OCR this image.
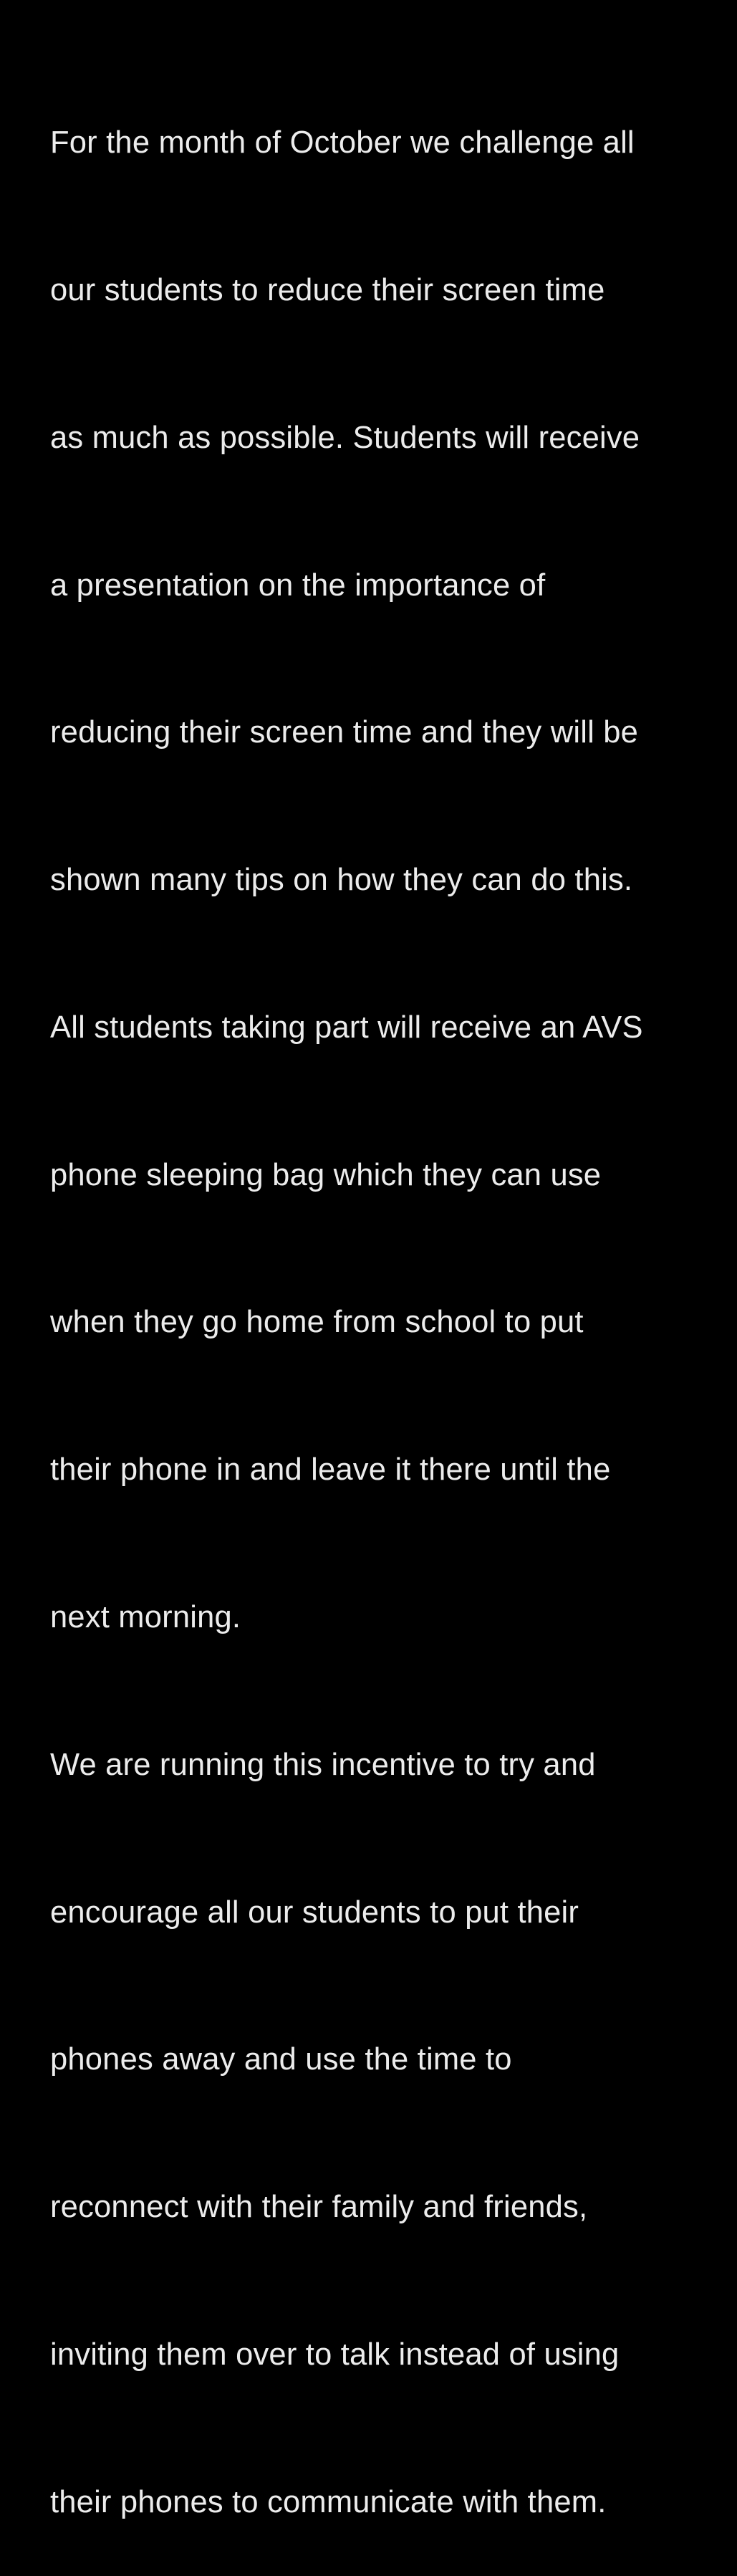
For the month of October we challenge all

our students to reduce their screen time

as much as possible. Students will receive

a presentation on the importance of

reducing their screen time and they will be

shown many tips on how they can do this.

All students taking part will receive an AVS

phone sleeping bag which they can use

when they go home from school to put

their phone in and leave it there until the

next morning.

We are running this incentive to try and

encourage all our students to put their

phones away and use the time to

reconnect with their family and friends,

inviting them over to talk instead of using

their phones to communicate with them.
